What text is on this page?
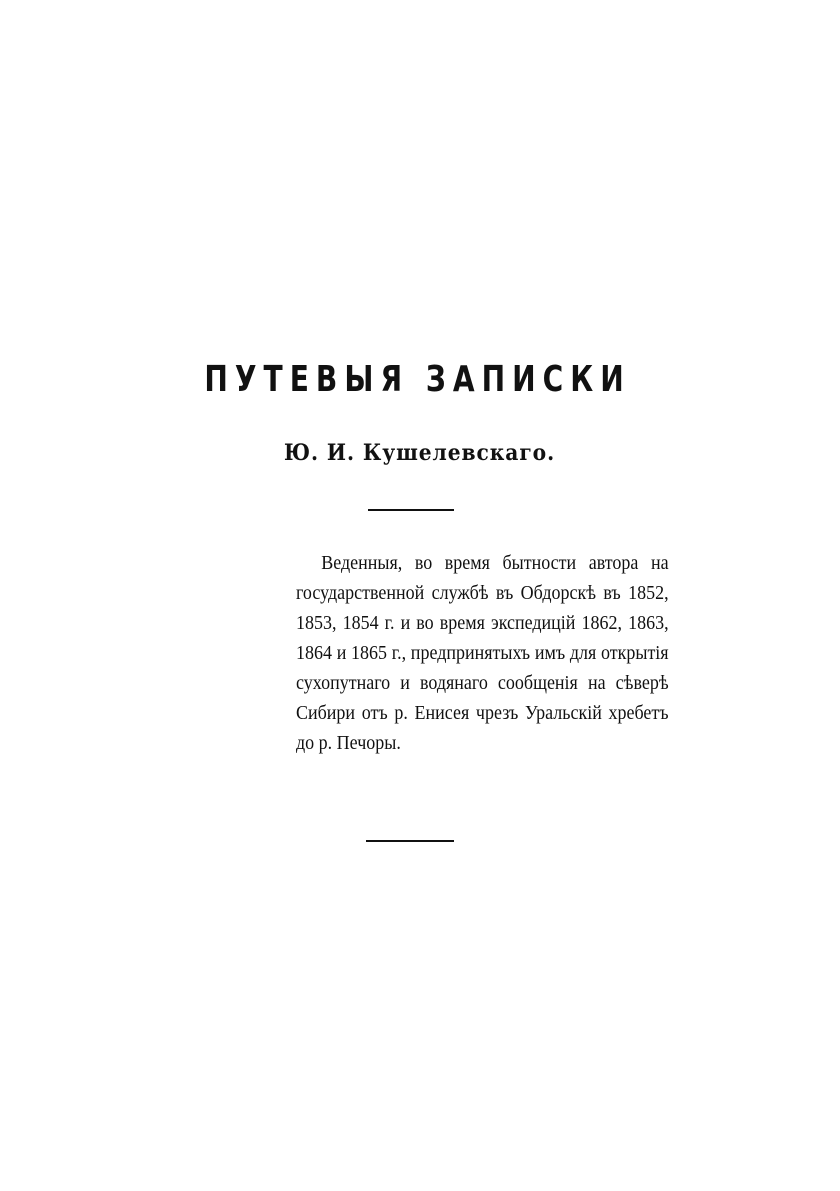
ПУТЕВЫЯ ЗАПИСКИ
Ю. И. Кушелевскаго.
Веденныя, во время бытности автора на государственной службѣ въ Обдорскѣ въ 1852, 1853, 1854 г. и во время экспедицій 1862, 1863, 1864 и 1865 г., предпринятыхъ имъ для открытія сухопутнаго и водянаго сообщенія на сѣверѣ Сибири отъ р. Енисея чрезъ Уральскій хребетъ до р. Печоры.
